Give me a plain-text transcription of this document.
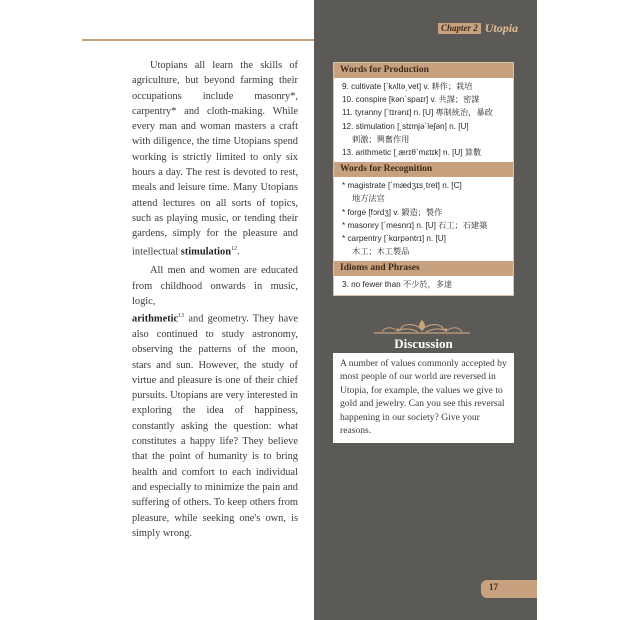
Chapter 2 Utopia

Utopians all learn the skills of agriculture, but beyond farming their occupations include masonry*, carpentry* and cloth-making. While every man and woman masters a craft with diligence, the time Utopians spend working is strictly limited to only six hours a day. The rest is devoted to rest, meals and leisure time. Many Utopians attend lectures on all sorts of topics, such as playing music, or tending their gardens, simply for the pleasure and intellectual stimulation$^{12}$.

All men and women are educated from childhood onwards in music, logic,
arithmetic$^{13}$ and geometry. They have also continued to study astronomy, observing the patterns of the moon, stars and sun. However, the study of virtue and pleasure is one of their chief pursuits. Utopians are very interested in exploring the idea of happiness, constantly asking the question: what constitutes a happy life? They believe that the point of humanity is to bring health and comfort to each individual and especially to minimize the pain and suffering of others. To keep others from pleasure, while seeking one's own, is simply wrong.

Words for Production
9. cultivate [ˋkʌltə͵vet] v. 耕作；栽培
10. conspire [kənˋspaɪr] v. 共謀；密謀
11. tyranny [ˋtɪrənɪ] n. [U] 專制統治，暴政
12. stimulation [͵stɪmjəˋleʃən] n. [U]
刺激；興奮作用
13. arithmetic [͵ærɪθˋmɛtɪk] n. [U] 算數
Words for Recognition
* magistrate [ˋmædʒɪs͵tret] n. [C]
地方法官
* forge [fɔrdʒ] v. 鍛造；製作
* masonry [ˋmesnrɪ] n. [U] 石工；石建築
* carpentry [ˋkɑrpəntrɪ] n. [U]
木工；木工製品
Idioms and Phrases
3. no fewer than 不少於，多達
Discussion
A number of values commonly accepted by most people of our world are reversed in Utopia, for example, the values we give to gold and jewelry. Can you see this reversal happening in our society? Give your reasons.
17
